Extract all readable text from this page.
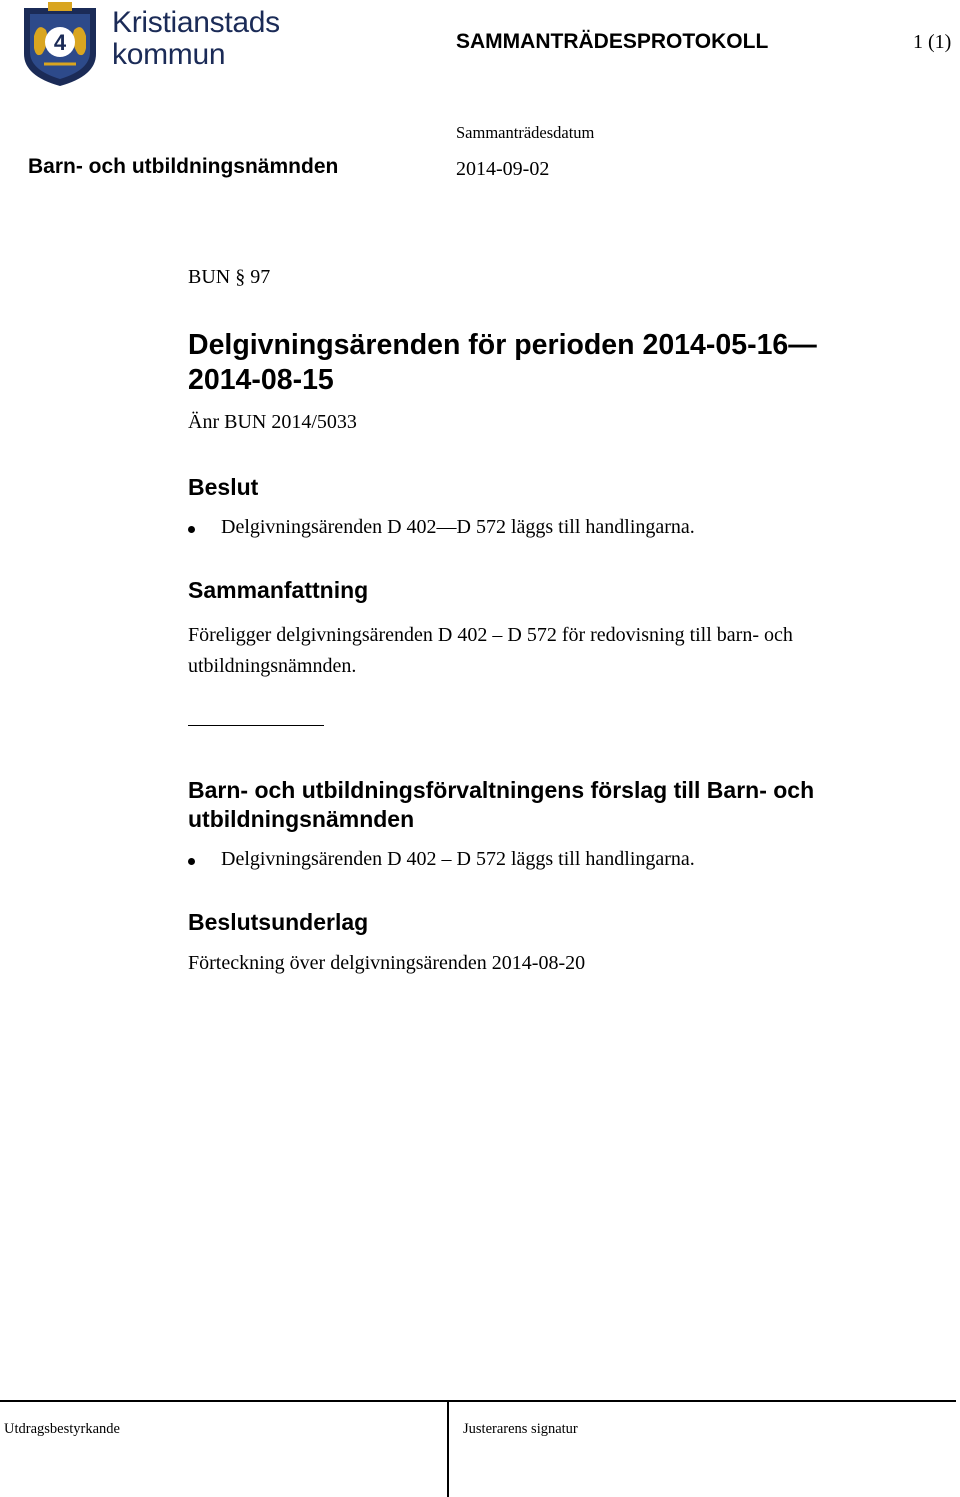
4
Kristianstads
kommun	SAMMANTRÄDESPROTOKOLL	1 (1)
Sammanträdesdatum
Barn- och utbildningsnämnden	2014-09-02
BUN § 97
Delgivningsärenden för perioden 2014-05-16—2014-08-15
Änr BUN 2014/5033
Beslut
Delgivningsärenden D 402—D 572 läggs till handlingarna.
Sammanfattning
Föreligger delgivningsärenden D 402 – D 572 för redovisning till barn- och utbildningsnämnden.
Barn- och utbildningsförvaltningens förslag till Barn- och utbildningsnämnden
Delgivningsärenden D 402 – D 572 läggs till handlingarna.
Beslutsunderlag
Förteckning över delgivningsärenden 2014-08-20
Utdragsbestyrkande	Justerarens signatur
